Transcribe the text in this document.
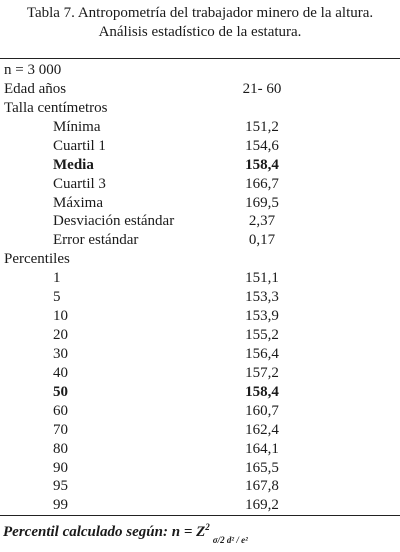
Tabla 7. Antropometría del trabajador minero de la altura.
Análisis estadístico de la estatura.
n = 3 000
Edad años	21- 60
Talla centímetros
Mínima	151,2
Cuartil 1	154,6
Media	158,4
Cuartil 3	166,7
Máxima	169,5
Desviación estándar	2,37
Error estándar	0,17
Percentiles
1	151,1
5	153,3
10	153,9
20	155,2
30	156,4
40	157,2
50	158,4
60	160,7
70	162,4
80	164,1
90	165,5
95	167,8
99	169,2
Percentil calculado según: $n = Z^2_{\sigma/2 d^2 / e^2}$
